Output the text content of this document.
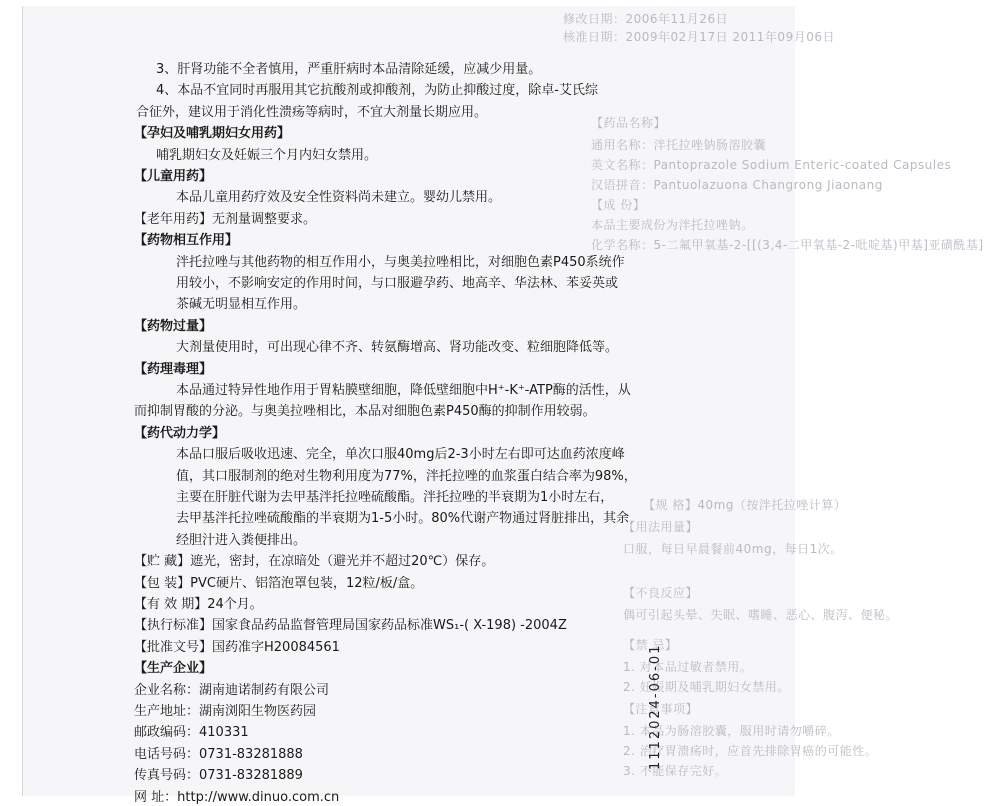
修改日期：2006年11月26日
核准日期：2009年02月17日 2011年09月06日
【药品名称】
通用名称：泮托拉唑钠肠溶胶囊
英文名称：Pantoprazole Sodium Enteric-coated Capsules
汉语拼音：Pantuolazuona Changrong Jiaonang
【成 份】
本品主要成份为泮托拉唑钠。
化学名称：5-二氟甲氧基-2-[[(3,4-二甲氧基-2-吡啶基)甲基]亚磺酰基]
【规 格】40mg（按泮托拉唑计算）
【用法用量】
口服，每日早晨餐前40mg，每日1次。
【不良反应】
偶可引起头晕、失眠、嗜睡、恶心、腹泻、便秘。
【禁 忌】
1. 对本品过敏者禁用。
2. 妊娠期及哺乳期妇女禁用。
【注意事项】
1. 本品为肠溶胶囊，服用时请勿嚼碎。
2. 治疗胃溃疡时，应首先排除胃癌的可能性。
3. 不能保存完好。
1112024-06-01
3、肝肾功能不全者慎用，严重肝病时本品清除延缓，应减少用量。
4、本品不宜同时再服用其它抗酸剂或抑酸剂，为防止抑酸过度，除卓-艾氏综
合征外，建议用于消化性溃疡等病时，不宜大剂量长期应用。
【孕妇及哺乳期妇女用药】
哺乳期妇女及妊娠三个月内妇女禁用。
【儿童用药】
本品儿童用药疗效及安全性资料尚未建立。婴幼儿禁用。
【老年用药】无剂量调整要求。
【药物相互作用】
泮托拉唑与其他药物的相互作用小，与奥美拉唑相比，对细胞色素P450系统作
用较小，不影响安定的作用时间，与口服避孕药、地高辛、华法林、苯妥英或
茶碱无明显相互作用。
【药物过量】
大剂量使用时，可出现心律不齐、转氨酶增高、肾功能改变、粒细胞降低等。
【药理毒理】
本品通过特异性地作用于胃粘膜壁细胞，降低壁细胞中H⁺-K⁺-ATP酶的活性，从
而抑制胃酸的分泌。与奥美拉唑相比，本品对细胞色素P450酶的抑制作用较弱。
【药代动力学】
本品口服后吸收迅速、完全，单次口服40mg后2-3小时左右即可达血药浓度峰
值，其口服制剂的绝对生物利用度为77%，泮托拉唑的血浆蛋白结合率为98%，
主要在肝脏代谢为去甲基泮托拉唑硫酸酯。泮托拉唑的半衰期为1小时左右，
去甲基泮托拉唑硫酸酯的半衰期为1-5小时。80%代谢产物通过肾脏排出，其余
经胆汁进入粪便排出。
【贮 藏】遮光，密封，在凉暗处（避光并不超过20℃）保存。
【包 装】PVC硬片、铝箔泡罩包装，12粒/板/盒。
【有 效 期】24个月。
【执行标准】国家食品药品监督管理局国家药品标准WS₁-( X-198) -2004Z
【批准文号】国药准字H20084561
【生产企业】
企业名称：湖南迪诺制药有限公司
生产地址：湖南浏阳生物医药园
邮政编码：410331
电话号码：0731-83281888
传真号码：0731-83281889
网 址：http://www.dinuo.com.cn
